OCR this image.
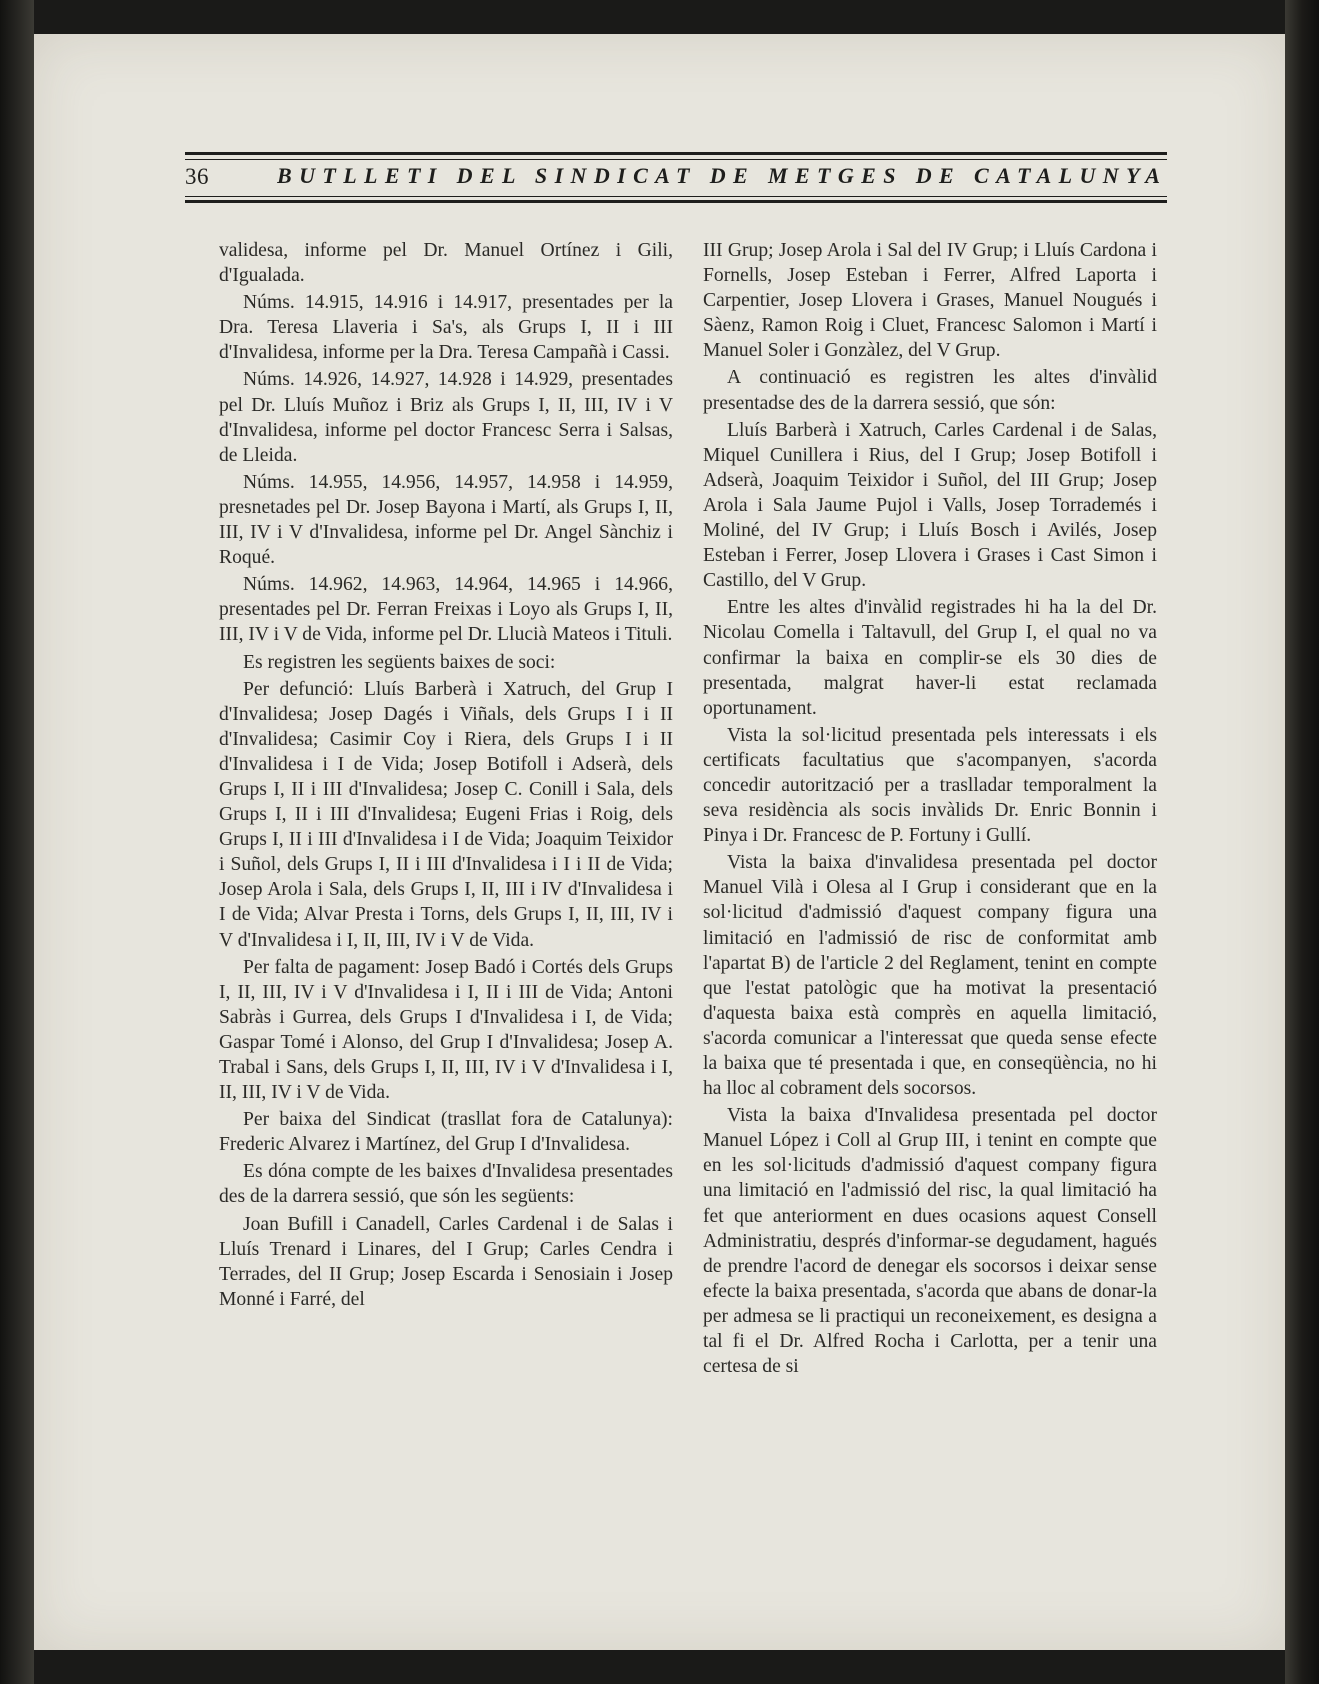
36	BUTLLETI DEL SINDICAT DE METGES DE CATALUNYA

validesa, informe pel Dr. Manuel Ortínez i Gili, d'Igualada.

Núms. 14.915, 14.916 i 14.917, presentades per la Dra. Teresa Llaveria i Sa's, als Grups I, II i III d'Invalidesa, informe per la Dra. Teresa Campañà i Cassi.

Núms. 14.926, 14.927, 14.928 i 14.929, presentades pel Dr. Lluís Muñoz i Briz als Grups I, II, III, IV i V d'Invalidesa, informe pel doctor Francesc Serra i Salsas, de Lleida.

Núms. 14.955, 14.956, 14.957, 14.958 i 14.959, presnetades pel Dr. Josep Bayona i Martí, als Grups I, II, III, IV i V d'Invalidesa, informe pel Dr. Angel Sànchiz i Roqué.

Núms. 14.962, 14.963, 14.964, 14.965 i 14.966, presentades pel Dr. Ferran Freixas i Loyo als Grups I, II, III, IV i V de Vida, informe pel Dr. Llucià Mateos i Tituli.

Es registren les següents baixes de soci:

Per defunció: Lluís Barberà i Xatruch, del Grup I d'Invalidesa; Josep Dagés i Viñals, dels Grups I i II d'Invalidesa; Casimir Coy i Riera, dels Grups I i II d'Invalidesa i I de Vida; Josep Botifoll i Adserà, dels Grups I, II i III d'Invalidesa; Josep C. Conill i Sala, dels Grups I, II i III d'Invalidesa; Eugeni Frias i Roig, dels Grups I, II i III d'Invalidesa i I de Vida; Joaquim Teixidor i Suñol, dels Grups I, II i III d'Invalidesa i I i II de Vida; Josep Arola i Sala, dels Grups I, II, III i IV d'Invalidesa i I de Vida; Alvar Presta i Torns, dels Grups I, II, III, IV i V d'Invalidesa i I, II, III, IV i V de Vida.

Per falta de pagament: Josep Badó i Cortés dels Grups I, II, III, IV i V d'Invalidesa i I, II i III de Vida; Antoni Sabràs i Gurrea, dels Grups I d'Invalidesa i I, de Vida; Gaspar Tomé i Alonso, del Grup I d'Invalidesa; Josep A. Trabal i Sans, dels Grups I, II, III, IV i V d'Invalidesa i I, II, III, IV i V de Vida.

Per baixa del Sindicat (trasllat fora de Catalunya): Frederic Alvarez i Martínez, del Grup I d'Invalidesa.

Es dóna compte de les baixes d'Invalidesa presentades des de la darrera sessió, que són les següents:

Joan Bufill i Canadell, Carles Cardenal i de Salas i Lluís Trenard i Linares, del I Grup; Carles Cendra i Terrades, del II Grup; Josep Escarda i Senosiain i Josep Monné i Farré, del

III Grup; Josep Arola i Sal del IV Grup; i Lluís Cardona i Fornells, Josep Esteban i Ferrer, Alfred Laporta i Carpentier, Josep Llovera i Grases, Manuel Nougués i Sàenz, Ramon Roig i Cluet, Francesc Salomon i Martí i Manuel Soler i Gonzàlez, del V Grup.

A continuació es registren les altes d'invàlid presentadse des de la darrera sessió, que són:

Lluís Barberà i Xatruch, Carles Cardenal i de Salas, Miquel Cunillera i Rius, del I Grup; Josep Botifoll i Adserà, Joaquim Teixidor i Suñol, del III Grup; Josep Arola i Sala Jaume Pujol i Valls, Josep Torrademés i Moliné, del IV Grup; i Lluís Bosch i Avilés, Josep Esteban i Ferrer, Josep Llovera i Grases i Cast Simon i Castillo, del V Grup.

Entre les altes d'invàlid registrades hi ha la del Dr. Nicolau Comella i Taltavull, del Grup I, el qual no va confirmar la baixa en complir-se els 30 dies de presentada, malgrat haver-li estat reclamada oportunament.

Vista la sol·licitud presentada pels interessats i els certificats facultatius que s'acompanyen, s'acorda concedir autorització per a traslladar temporalment la seva residència als socis invàlids Dr. Enric Bonnin i Pinya i Dr. Francesc de P. Fortuny i Gullí.

Vista la baixa d'invalidesa presentada pel doctor Manuel Vilà i Olesa al I Grup i considerant que en la sol·licitud d'admissió d'aquest company figura una limitació en l'admissió de risc de conformitat amb l'apartat B) de l'article 2 del Reglament, tenint en compte que l'estat patològic que ha motivat la presentació d'aquesta baixa està comprès en aquella limitació, s'acorda comunicar a l'interessat que queda sense efecte la baixa que té presentada i que, en conseqüència, no hi ha lloc al cobrament dels socorsos.

Vista la baixa d'Invalidesa presentada pel doctor Manuel López i Coll al Grup III, i tenint en compte que en les sol·licituds d'admissió d'aquest company figura una limitació en l'admissió del risc, la qual limitació ha fet que anteriorment en dues ocasions aquest Consell Administratiu, després d'informar-se degudament, hagués de prendre l'acord de denegar els socorsos i deixar sense efecte la baixa presentada, s'acorda que abans de donar-la per admesa se li practiqui un reconeixement, es designa a tal fi el Dr. Alfred Rocha i Carlotta, per a tenir una certesa de si
